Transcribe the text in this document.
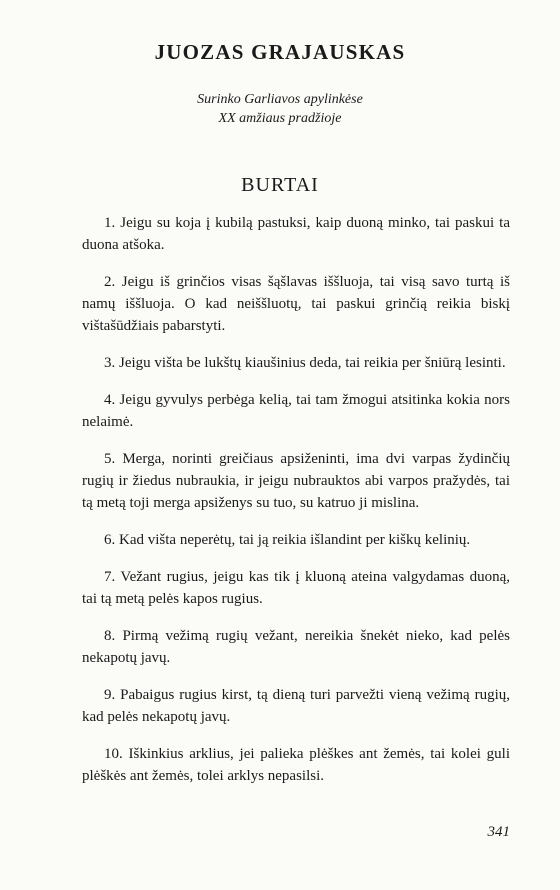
JUOZAS GRAJAUSKAS
Surinko Garliavos apylinkėse
XX amžiaus pradžioje
BURTAI

1. Jeigu su koja į kubilą pastuksi, kaip duoną minko, tai paskui ta duona atšoka.

2. Jeigu iš grinčios visas šąšlavas iššluoja, tai visą savo turtą iš namų iššluoja. O kad neiššluotų, tai paskui grinčią reikia biskį vištašūdžiais pabarstyti.

3. Jeigu višta be lukštų kiaušinius deda, tai reikia per šniūrą lesinti.

4. Jeigu gyvulys perbėga kelią, tai tam žmogui atsitinka kokia nors nelaimė.

5. Merga, norinti greičiaus apsiženinti, ima dvi varpas žydinčių rugių ir žiedus nubraukia, ir jeigu nubrauktos abi varpos pražydės, tai tą metą toji merga apsiženys su tuo, su katruo ji mislina.

6. Kad višta neperėtų, tai ją reikia išlandint per kiškų kelinių.

7. Vežant rugius, jeigu kas tik į kluoną ateina valgydamas duoną, tai tą metą pelės kapos rugius.

8. Pirmą vežimą rugių vežant, nereikia šnekėt nieko, kad pelės nekapotų javų.

9. Pabaigus rugius kirst, tą dieną turi parvežti vieną vežimą rugių, kad pelės nekapotų javų.

10. Iškinkius arklius, jei palieka plėškes ant žemės, tai kolei guli plėškės ant žemės, tolei arklys nepasilsi.

341
